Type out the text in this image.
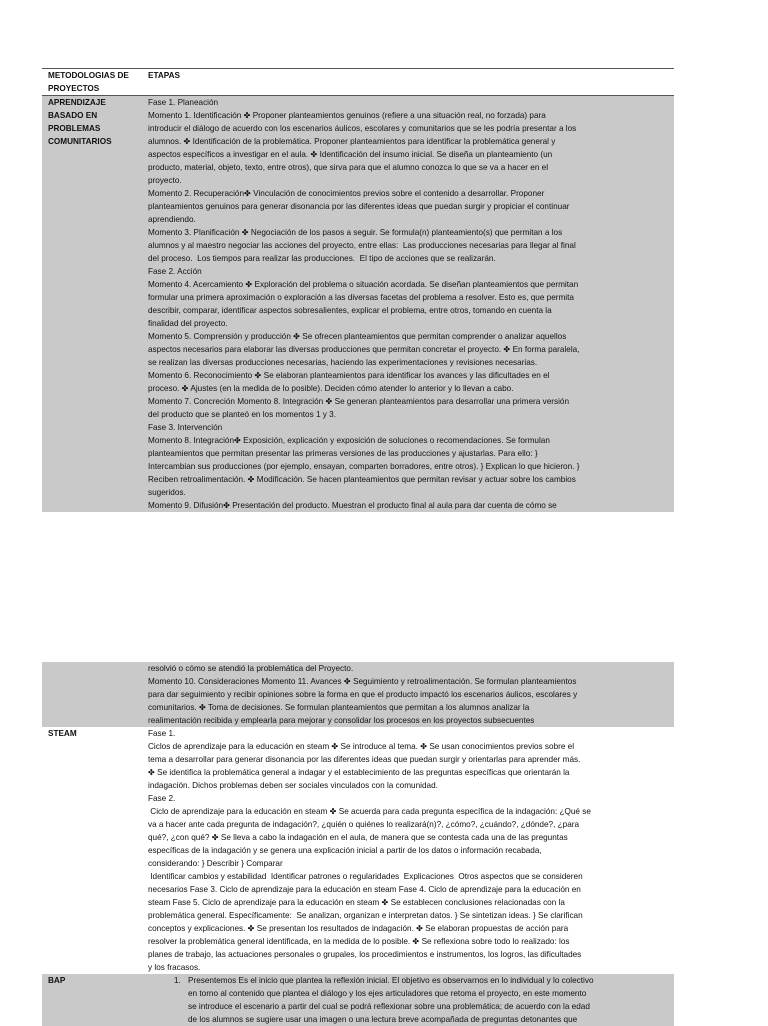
METODOLOGIAS DE
PROYECTOS
ETAPAS
APRENDIZAJE
BASADO EN
PROBLEMAS
COMUNITARIOS
Fase 1. Planeación
Momento 1. Identificación ✤ Proponer planteamientos genuinos (refiere a una situación real, no forzada) para
introducir el diálogo de acuerdo con los escenarios áulicos, escolares y comunitarios que se les podría presentar a los
alumnos. ✤ Identificación de la problemática. Proponer planteamientos para identificar la problemática general y
aspectos específicos a investigar en el aula. ✤ Identificación del insumo inicial. Se diseña un planteamiento (un
producto, material, objeto, texto, entre otros), que sirva para que el alumno conozca lo que se va a hacer en el
proyecto.
Momento 2. Recuperación✤ Vinculación de conocimientos previos sobre el contenido a desarrollar. Proponer
planteamientos genuinos para generar disonancia por las diferentes ideas que puedan surgir y propiciar el continuar
aprendiendo.
Momento 3. Planificación ✤ Negociación de los pasos a seguir. Se formula(n) planteamiento(s) que permitan a los
alumnos y al maestro negociar las acciones del proyecto, entre ellas:  Las producciones necesarias para llegar al final
del proceso.  Los tiempos para realizar las producciones.  El tipo de acciones que se realizarán.
Fase 2. Acción
Momento 4. Acercamiento ✤ Exploración del problema o situación acordada. Se diseñan planteamientos que permitan
formular una primera aproximación o exploración a las diversas facetas del problema a resolver. Esto es, que permita
describir, comparar, identificar aspectos sobresalientes, explicar el problema, entre otros, tomando en cuenta la
finalidad del proyecto.
Momento 5. Comprensión y producción ✤ Se ofrecen planteamientos que permitan comprender o analizar aquellos
aspectos necesarios para elaborar las diversas producciones que permitan concretar el proyecto. ✤ En forma paralela,
se realizan las diversas producciones necesarias, haciendo las experimentaciones y revisiones necesarias.
Momento 6. Reconocimiento ✤ Se elaboran planteamientos para identificar los avances y las dificultades en el
proceso. ✤ Ajustes (en la medida de lo posible). Deciden cómo atender lo anterior y lo llevan a cabo.
Momento 7. Concreción Momento 8. Integración ✤ Se generan planteamientos para desarrollar una primera versión
del producto que se planteó en los momentos 1 y 3.
Fase 3. Intervención
Momento 8. Integración✤ Exposición, explicación y exposición de soluciones o recomendaciones. Se formulan
planteamientos que permitan presentar las primeras versiones de las producciones y ajustarlas. Para ello: }
Intercambian sus producciones (por ejemplo, ensayan, comparten borradores, entre otros). } Explican lo que hicieron. }
Reciben retroalimentación. ✤ Modificación. Se hacen planteamientos que permitan revisar y actuar sobre los cambios
sugeridos.
Momento 9. Difusión✤ Presentación del producto. Muestran el producto final al aula para dar cuenta de cómo se
resolvió o cómo se atendió la problemática del Proyecto.
Momento 10. Consideraciones Momento 11. Avances ✤ Seguimiento y retroalimentación. Se formulan planteamientos
para dar seguimiento y recibir opiniones sobre la forma en que el producto impactó los escenarios áulicos, escolares y
comunitarios. ✤ Toma de decisiones. Se formulan planteamientos que permitan a los alumnos analizar la
realimentación recibida y emplearla para mejorar y consolidar los procesos en los proyectos subsecuentes
STEAM	Fase 1.
Ciclos de aprendizaje para la educación en steam ✤ Se introduce al tema. ✤ Se usan conocimientos previos sobre el
tema a desarrollar para generar disonancia por las diferentes ideas que puedan surgir y orientarlas para aprender más.
✤ Se identifica la problemática general a indagar y el establecimiento de las preguntas específicas que orientarán la
indagación. Dichos problemas deben ser sociales vinculados con la comunidad.
Fase 2.
Ciclo de aprendizaje para la educación en steam ✤ Se acuerda para cada pregunta específica de la indagación: ¿Qué se
va a hacer ante cada pregunta de indagación?, ¿quién o quiénes lo realizará(n)?, ¿cómo?, ¿cuándo?, ¿dónde?, ¿para
qué?, ¿con qué? ✤ Se lleva a cabo la indagación en el aula, de manera que se contesta cada una de las preguntas
específicas de la indagación y se genera una explicación inicial a partir de los datos o información recabada,
considerando: } Describir } Comparar
Identificar cambios y estabilidad  Identificar patrones o regularidades  Explicaciones  Otros aspectos que se consideren
necesarios Fase 3. Ciclo de aprendizaje para la educación en steam Fase 4. Ciclo de aprendizaje para la educación en
steam Fase 5. Ciclo de aprendizaje para la educación en steam ✤ Se establecen conclusiones relacionadas con la
problemática general. Específicamente:  Se analizan, organizan e interpretan datos. } Se sintetizan ideas. } Se clarifican
conceptos y explicaciones. ✤ Se presentan los resultados de indagación. ✤ Se elaboran propuestas de acción para
resolver la problemática general identificada, en la medida de lo posible. ✤ Se reflexiona sobre todo lo realizado: los
planes de trabajo, las actuaciones personales o grupales, los procedimientos e instrumentos, los logros, las dificultades
y los fracasos.
BAP	1. Presentemos Es el inicio que plantea la reflexión inicial. El objetivo es observarnos en lo individual y lo colectivo
en torno al contenido que plantea el diálogo y los ejes articuladores que retoma el proyecto, en este momento
se introduce el escenario a partir del cual se podrá reflexionar sobre una problemática; de acuerdo con la edad
de los alumnos se sugiere usar una imagen o una lectura breve acompañada de preguntas detonantes que
